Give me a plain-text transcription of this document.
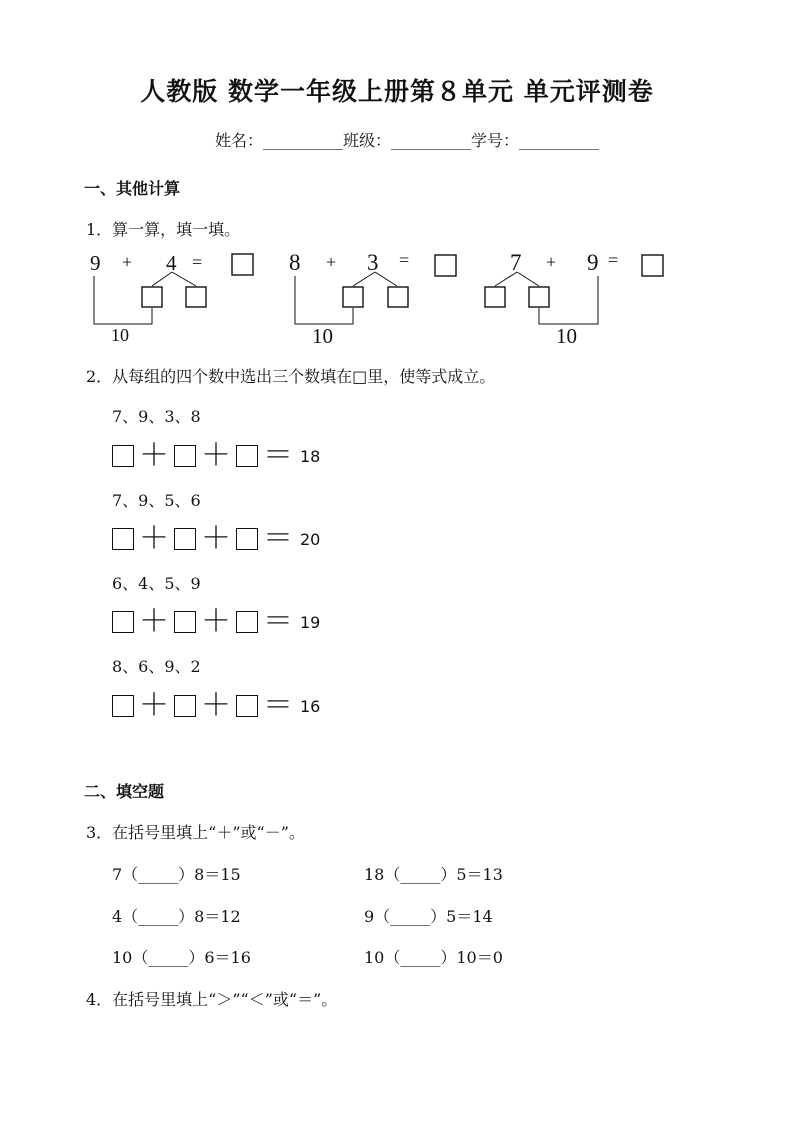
人教版 数学一年级上册第８单元 单元评测卷
姓名：__________班级：__________学号：__________
一、其他计算
1．算一算，填一填。
9 + 4 =
10
8 + 3 =
10
7 + 9 =
10
2．从每组的四个数中选出三个数填在□里，使等式成立。
7、9、3、8
＋ ＋ ＝ 18
7、9、5、6
＋ ＋ ＝ 20
6、4、5、9
＋ ＋ ＝ 19
8、6、9、2
＋ ＋ ＝ 16
二、填空题
3．在括号里填上“＋”或“－”。
7（_____）8＝15	18（_____）5＝13
4（_____）8＝12	9（_____）5＝14
10（_____）6＝16	10（_____）10＝0
4．在括号里填上“＞”“＜”或“＝”。
